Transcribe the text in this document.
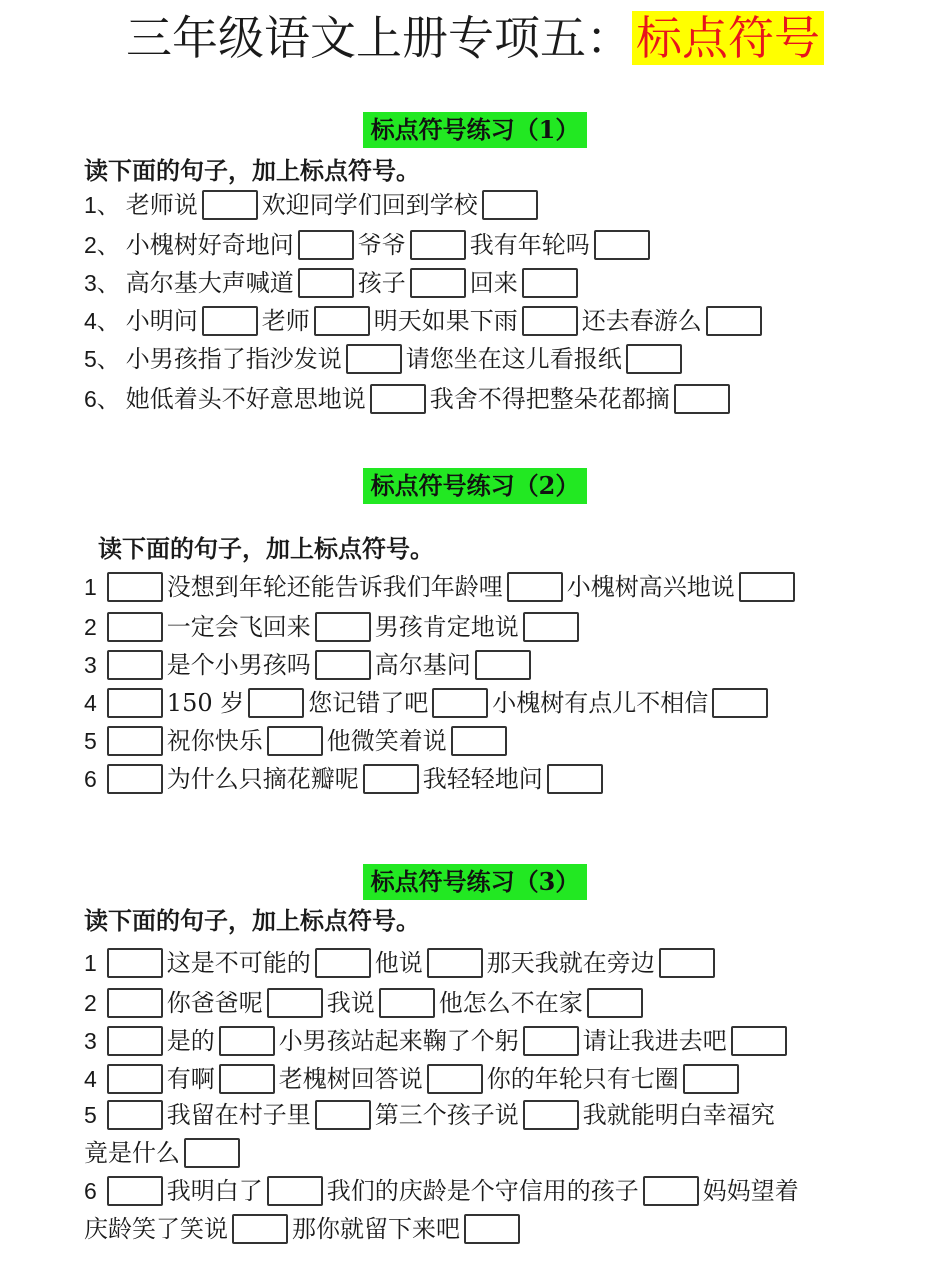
三年级语文上册专项五：标点符号
标点符号练习（1）
读下面的句子，加上标点符号。
1、 老师说	欢迎同学们回到学校
2、 小槐树好奇地问	爷爷	我有年轮吗
3、 高尔基大声喊道	孩子	回来
4、 小明问	老师	明天如果下雨	还去春游么
5、 小男孩指了指沙发说	请您坐在这儿看报纸
6、 她低着头不好意思地说	我舍不得把整朵花都摘
标点符号练习（2）
读下面的句子，加上标点符号。
1	没想到年轮还能告诉我们年龄哩	小槐树高兴地说
2	一定会飞回来	男孩肯定地说
3	是个小男孩吗	高尔基问
4	150 岁	您记错了吧	小槐树有点儿不相信
5	祝你快乐	他微笑着说
6	为什么只摘花瓣呢	我轻轻地问
标点符号练习（3）
读下面的句子，加上标点符号。
1	这是不可能的	他说	那天我就在旁边
2	你爸爸呢	我说	他怎么不在家
3	是的	小男孩站起来鞠了个躬	请让我进去吧
4	有啊	老槐树回答说	你的年轮只有七圈
5	我留在村子里	第三个孩子说	我就能明白幸福究
竟是什么
6	我明白了	我们的庆龄是个守信用的孩子	妈妈望着
庆龄笑了笑说	那你就留下来吧
